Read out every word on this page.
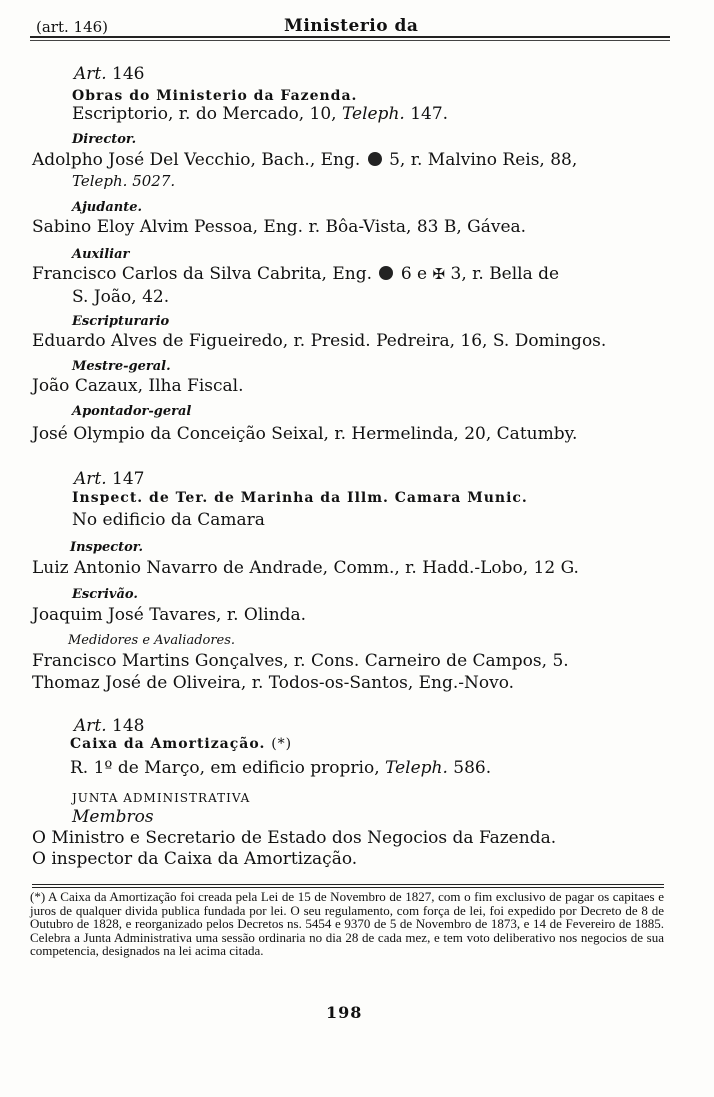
(art. 146)	Ministerio da
Art. 146
Obras do Ministerio da Fazenda.
Escriptorio, r. do Mercado, 10, Teleph. 147.
Director.
Adolpho José Del Vecchio, Bach., Eng. 5, r. Malvino Reis, 88,
Teleph. 5027.
Ajudante.
Sabino Eloy Alvim Pessoa, Eng. r. Bôa-Vista, 83 B, Gávea.
Auxiliar
Francisco Carlos da Silva Cabrita, Eng. 6 e ✠ 3, r. Bella de
S. João, 42.
Escripturario
Eduardo Alves de Figueiredo, r. Presid. Pedreira, 16, S. Domingos.
Mestre-geral.
João Cazaux, Ilha Fiscal.
Apontador-geral
José Olympio da Conceição Seixal, r. Hermelinda, 20, Catumby.
Art. 147
Inspect. de Ter. de Marinha da Illm. Camara Munic.
No edificio da Camara
Inspector.
Luiz Antonio Navarro de Andrade, Comm., r. Hadd.-Lobo, 12 G.
Escrivão.
Joaquim José Tavares, r. Olinda.
Medidores e Avaliadores.
Francisco Martins Gonçalves, r. Cons. Carneiro de Campos, 5.
Thomaz José de Oliveira, r. Todos-os-Santos, Eng.-Novo.
Art. 148
Caixa da Amortização. (*)
R. 1º de Março, em edificio proprio, Teleph. 586.
JUNTA ADMINISTRATIVA
Membros
O Ministro e Secretario de Estado dos Negocios da Fazenda.
O inspector da Caixa da Amortização.
(*) A Caixa da Amortização foi creada pela Lei de 15 de Novembro de 1827, com o fim exclusivo de pagar os capitaes e juros de qualquer divida publica fundada por lei. O seu regulamento, com força de lei, foi expedido por Decreto de 8 de Outubro de 1828, e reorganizado pelos Decretos ns. 5454 e 9370 de 5 de Novembro de 1873, e 14 de Fevereiro de 1885. Celebra a Junta Administrativa uma sessão ordinaria no dia 28 de cada mez, e tem voto deliberativo nos negocios de sua competencia, designados na lei acima citada.
198
